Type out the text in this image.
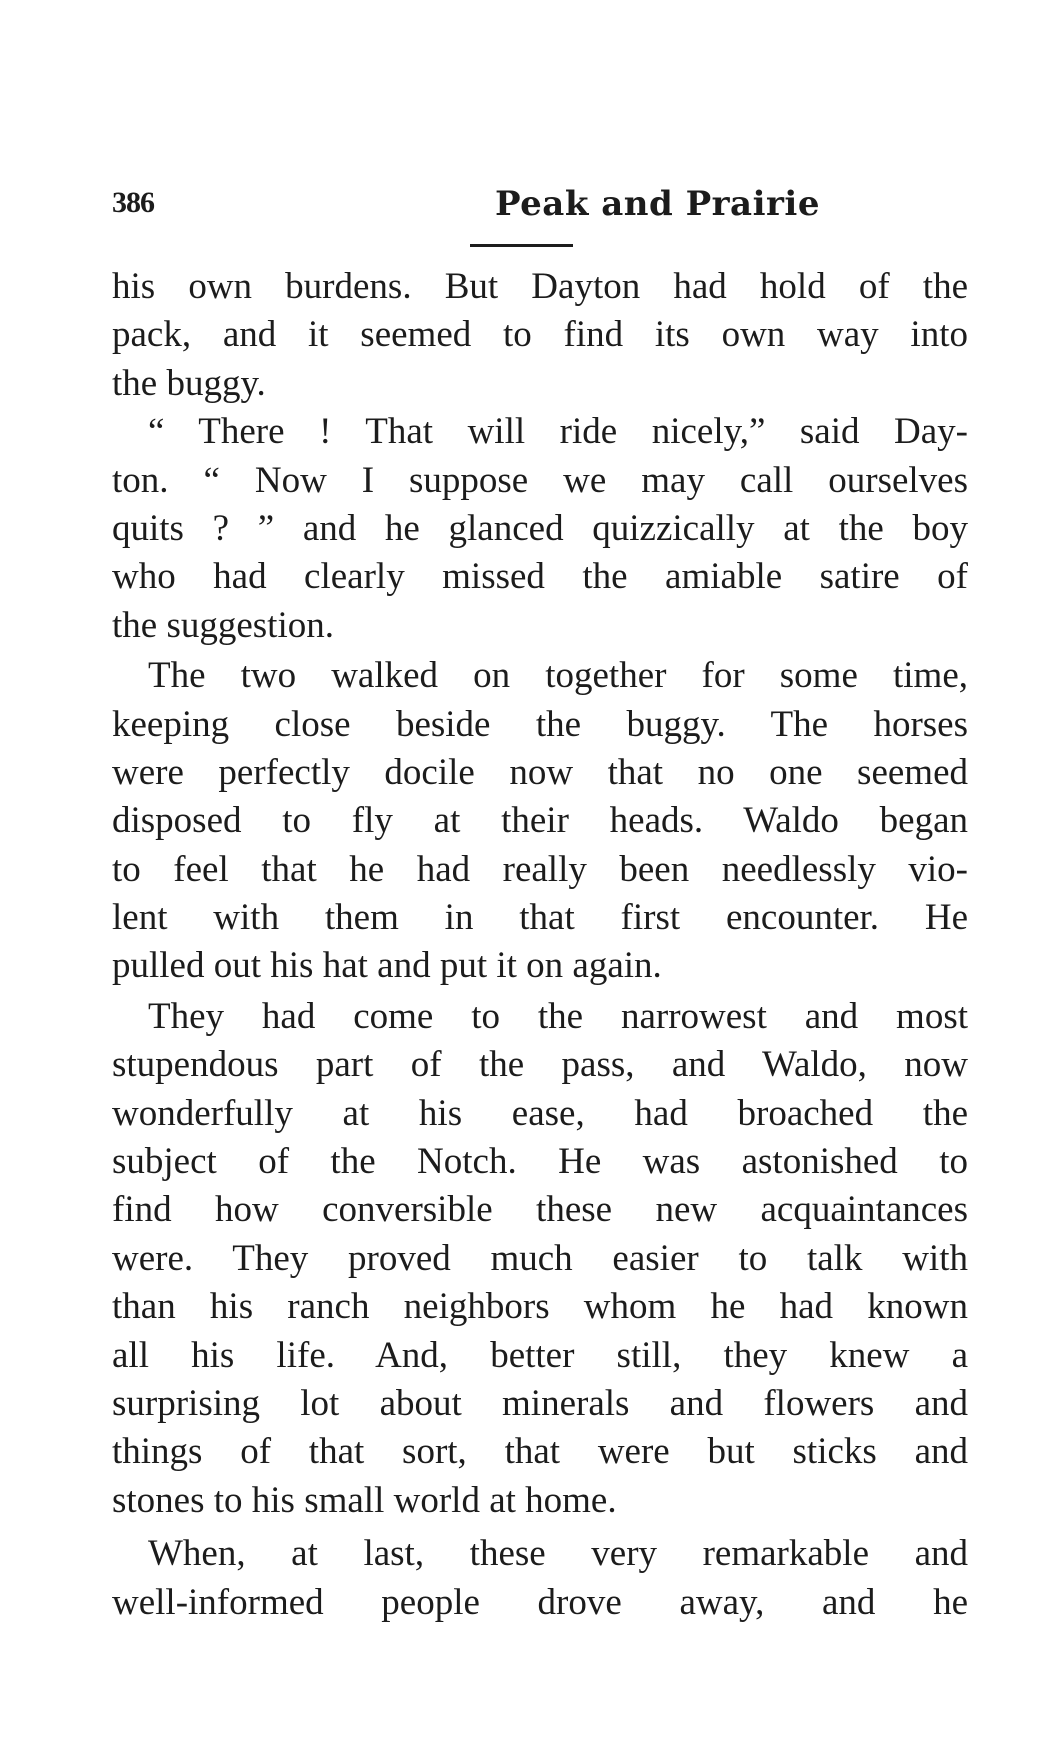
386	Peak and Prairie
his own burdens. But Dayton had hold of the
pack, and it seemed to find its own way into
the buggy.
“ There ! That will ride nicely,” said Day-
ton. “ Now I suppose we may call ourselves
quits ? ” and he glanced quizzically at the boy
who had clearly missed the amiable satire of
the suggestion.
The two walked on together for some time,
keeping close beside the buggy. The horses
were perfectly docile now that no one seemed
disposed to fly at their heads. Waldo began
to feel that he had really been needlessly vio-
lent with them in that first encounter. He
pulled out his hat and put it on again.
They had come to the narrowest and most
stupendous part of the pass, and Waldo, now
wonderfully at his ease, had broached the
subject of the Notch. He was astonished to
find how conversible these new acquaintances
were. They proved much easier to talk with
than his ranch neighbors whom he had known
all his life. And, better still, they knew a
surprising lot about minerals and flowers and
things of that sort, that were but sticks and
stones to his small world at home.
When, at last, these very remarkable and
well-informed people drove away, and he
